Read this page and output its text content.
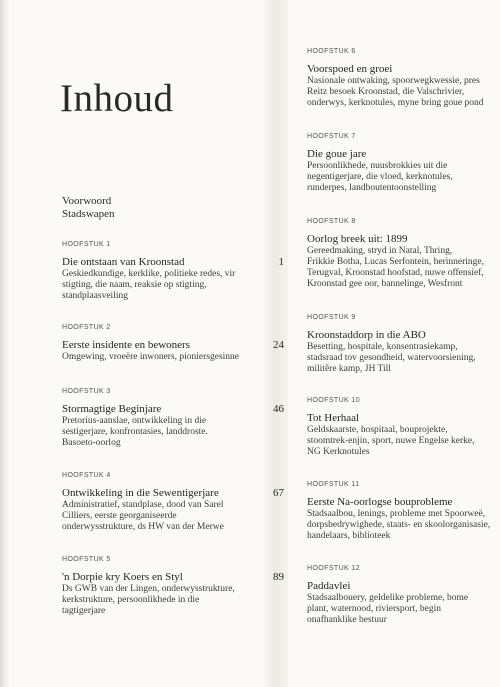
Inhoud
Voorwoord
Stadswapen
HOOFSTUK 1
Die ontstaan van Kroonstad	1
Geskiedkundige, kerklike, politieke redes, vir
stigting, die naam, reaksie op stigting,
standplaasveiling
HOOFSTUK 2
Eerste insidente en bewoners	24
Omgewing, vroeëre inwoners, pioniersgesinne
HOOFSTUK 3
Stormagtige Beginjare	46
Pretorius-aanslae, ontwikkeling in die
sestigerjare, konfrontasies, landdroste.
Basoeto-oorlog
HOOFSTUK 4
Ontwikkeling in die Sewentigerjare	67
Administratief, standplase, dood van Sarel
Cilliers, eerste georganiseerde
onderwysstrukture, ds HW van der Merwe
HOOFSTUK 5
'n Dorpie kry Koers en Styl	89
Ds GWB van der Lingen, onderwysstrukture,
kerkstrukture, persoonlikhede in die
tagtigerjare
HOOFSTUK 6
Voorspoed en groei
Nasionale ontwaking, spoorwegkwessie, pres
Reitz besoek Kroonstad, die Valschrivier,
onderwys, kerknotules, myne bring goue pond
HOOFSTUK 7
Die goue jare
Persoonlikhede, nuusbrokkies uit die
negentigerjare, die vloed, kerknotules,
runderpes, landboutentoonstelling
HOOFSTUK 8
Oorlog breek uit: 1899
Gereedmaking, stryd in Natal, Thring,
Frikkie Botha, Lucas Serfontein, herinneringe,
Terugval, Kroonstad hoofstad, nuwe offensief,
Kroonstad gee oor, bannelinge, Wesfront
HOOFSTUK 9
Kroonstaddorp in die ABO
Besetting, hospitale, konsentrasiekamp,
stadsraad tov gesondheid, watervoorsiening,
militêre kamp, JH Till
HOOFSTUK 10
Tot Herhaal
Geldskaarste, hospitaal, bouprojekte,
stoomtrek-enjin, sport, nuwe Engelse kerke,
NG Kerknotules
HOOFSTUK 11
Eerste Na-oorlogse bouprobleme
Stadsaalbou, lenings, probleme met Spoorweë,
dorpsbedrywighede, staats- en skoolorganisasie,
handelaars, biblioteek
HOOFSTUK 12
Paddavlei
Stadsaalbouery, geldelike probleme, bome
plant, waternood, riviersport, begin
onafhanklike bestuur
